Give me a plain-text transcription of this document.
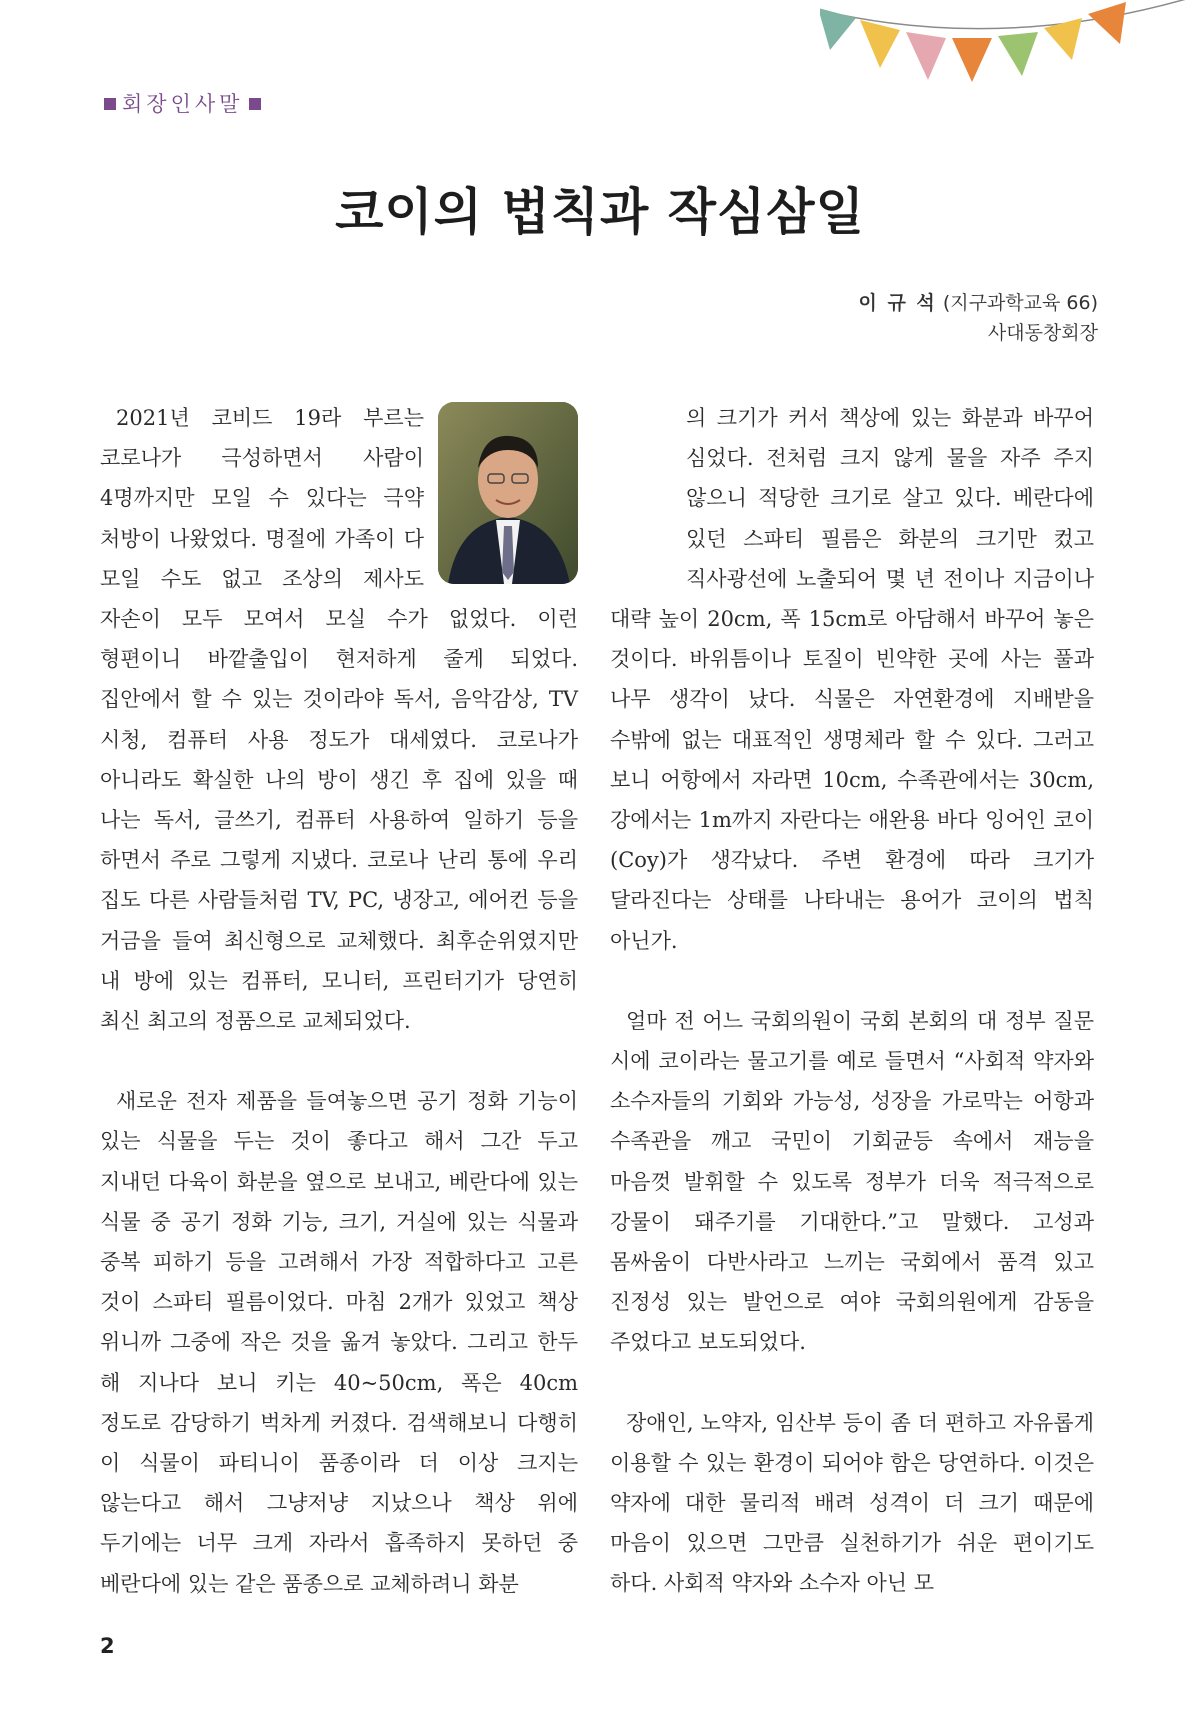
회장인사말
코이의 법칙과 작심삼일
이 규 석 (지구과학교육 66)
사대동창회장

2021년 코비드 19라 부르는 코로나가 극성하면서 사람이 4명까지만 모일 수 있다는 극약 처방이 나왔었다. 명절에 가족이 다 모일 수도 없고 조상의 제사도 자손이 모두 모여서 모실 수가 없었다. 이런 형편이니 바깥출입이 현저하게 줄게 되었다. 집안에서 할 수 있는 것이라야 독서, 음악감상, TV 시청, 컴퓨터 사용 정도가 대세였다. 코로나가 아니라도 확실한 나의 방이 생긴 후 집에 있을 때 나는 독서, 글쓰기, 컴퓨터 사용하여 일하기 등을 하면서 주로 그렇게 지냈다. 코로나 난리 통에 우리 집도 다른 사람들처럼 TV, PC, 냉장고, 에어컨 등을 거금을 들여 최신형으로 교체했다. 최후순위였지만 내 방에 있는 컴퓨터, 모니터, 프린터기가 당연히 최신 최고의 정품으로 교체되었다.

새로운 전자 제품을 들여놓으면 공기 정화 기능이 있는 식물을 두는 것이 좋다고 해서 그간 두고 지내던 다육이 화분을 옆으로 보내고, 베란다에 있는 식물 중 공기 정화 기능, 크기, 거실에 있는 식물과 중복 피하기 등을 고려해서 가장 적합하다고 고른 것이 스파티 필름이었다. 마침 2개가 있었고 책상 위니까 그중에 작은 것을 옮겨 놓았다. 그리고 한두 해 지나다 보니 키는 40~50cm, 폭은 40cm 정도로 감당하기 벅차게 커졌다. 검색해보니 다행히 이 식물이 파티니이 품종이라 더 이상 크지는 않는다고 해서 그냥저냥 지났으나 책상 위에 두기에는 너무 크게 자라서 흡족하지 못하던 중 베란다에 있는 같은 품종으로 교체하려니 화분

의 크기가 커서 책상에 있는 화분과 바꾸어 심었다. 전처럼 크지 않게 물을 자주 주지 않으니 적당한 크기로 살고 있다. 베란다에 있던 스파티 필름은 화분의 크기만 컸고 직사광선에 노출되어 몇 년 전이나 지금이나 대략 높이 20cm, 폭 15cm로 아담해서 바꾸어 놓은 것이다. 바위틈이나 토질이 빈약한 곳에 사는 풀과 나무 생각이 났다. 식물은 자연환경에 지배받을 수밖에 없는 대표적인 생명체라 할 수 있다. 그러고 보니 어항에서 자라면 10cm, 수족관에서는 30cm, 강에서는 1m까지 자란다는 애완용 바다 잉어인 코이(Coy)가 생각났다. 주변 환경에 따라 크기가 달라진다는 상태를 나타내는 용어가 코이의 법칙 아닌가.

얼마 전 어느 국회의원이 국회 본회의 대 정부 질문 시에 코이라는 물고기를 예로 들면서 “사회적 약자와 소수자들의 기회와 가능성, 성장을 가로막는 어항과 수족관을 깨고 국민이 기회균등 속에서 재능을 마음껏 발휘할 수 있도록 정부가 더욱 적극적으로 강물이 돼주기를 기대한다.”고 말했다. 고성과 몸싸움이 다반사라고 느끼는 국회에서 품격 있고 진정성 있는 발언으로 여야 국회의원에게 감동을 주었다고 보도되었다.

장애인, 노약자, 임산부 등이 좀 더 편하고 자유롭게 이용할 수 있는 환경이 되어야 함은 당연하다. 이것은 약자에 대한 물리적 배려 성격이 더 크기 때문에 마음이 있으면 그만큼 실천하기가 쉬운 편이기도 하다. 사회적 약자와 소수자 아닌 모

2
